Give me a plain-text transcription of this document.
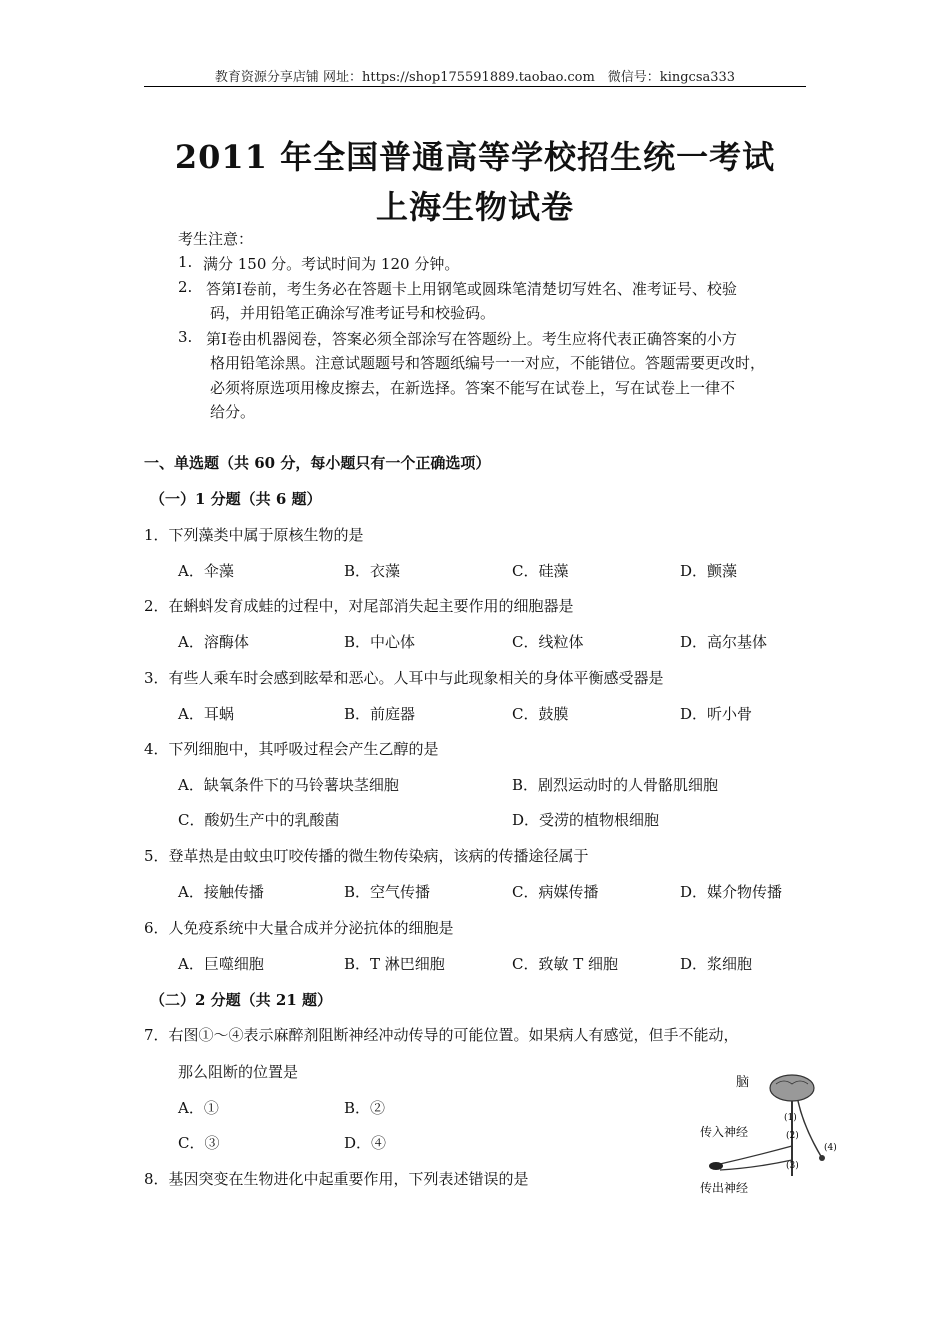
教育资源分享店铺 网址：https://shop175591889.taobao.com　微信号：kingcsa333
2011 年全国普通高等学校招生统一考试
上海生物试卷
考生注意：
1. 满分 150 分。考试时间为 120 分钟。
2. 答第Ⅰ卷前，考生务必在答题卡上用钢笔或圆珠笔清楚切写姓名、准考证号、校验
码，并用铅笔正确涂写准考证号和校验码。
3. 第Ⅰ卷由机器阅卷，答案必须全部涂写在答题纷上。考生应将代表正确答案的小方
格用铅笔涂黑。注意试题题号和答题纸编号一一对应，不能错位。答题需要更改时，
必须将原选项用橡皮擦去，在新选择。答案不能写在试卷上，写在试卷上一律不
给分。
一、单选题（共 60 分，每小题只有一个正确选项）
（一）1 分题（共 6 题）
1．下列藻类中属于原核生物的是
A．伞藻	B．衣藻	C．硅藻	D．颤藻
2．在蝌蚪发育成蛙的过程中，对尾部消失起主要作用的细胞器是
A．溶酶体	B．中心体	C．线粒体	D．高尔基体
3．有些人乘车时会感到眩晕和恶心。人耳中与此现象相关的身体平衡感受器是
A．耳蜗	B．前庭器	C．鼓膜	D．听小骨
4．下列细胞中，其呼吸过程会产生乙醇的是
A．缺氧条件下的马铃薯块茎细胞	B．剧烈运动时的人骨骼肌细胞
C．酸奶生产中的乳酸菌	D．受涝的植物根细胞
5．登革热是由蚊虫叮咬传播的微生物传染病，该病的传播途径属于
A．接触传播	B．空气传播	C．病媒传播	D．媒介物传播
6．人免疫系统中大量合成并分泌抗体的细胞是
A．巨噬细胞	B．T 淋巴细胞	C．致敏 T 细胞	D．浆细胞
（二）2 分题（共 21 题）
7．右图①～④表示麻醉剂阻断神经冲动传导的可能位置。如果病人有感觉，但手不能动，
那么阻断的位置是
A．①	B．②
C．③	D．④
8．基因突变在生物进化中起重要作用，下列表述错误的是
脑
(1)
(2)
(3)
(4)
传入神经
传出神经
